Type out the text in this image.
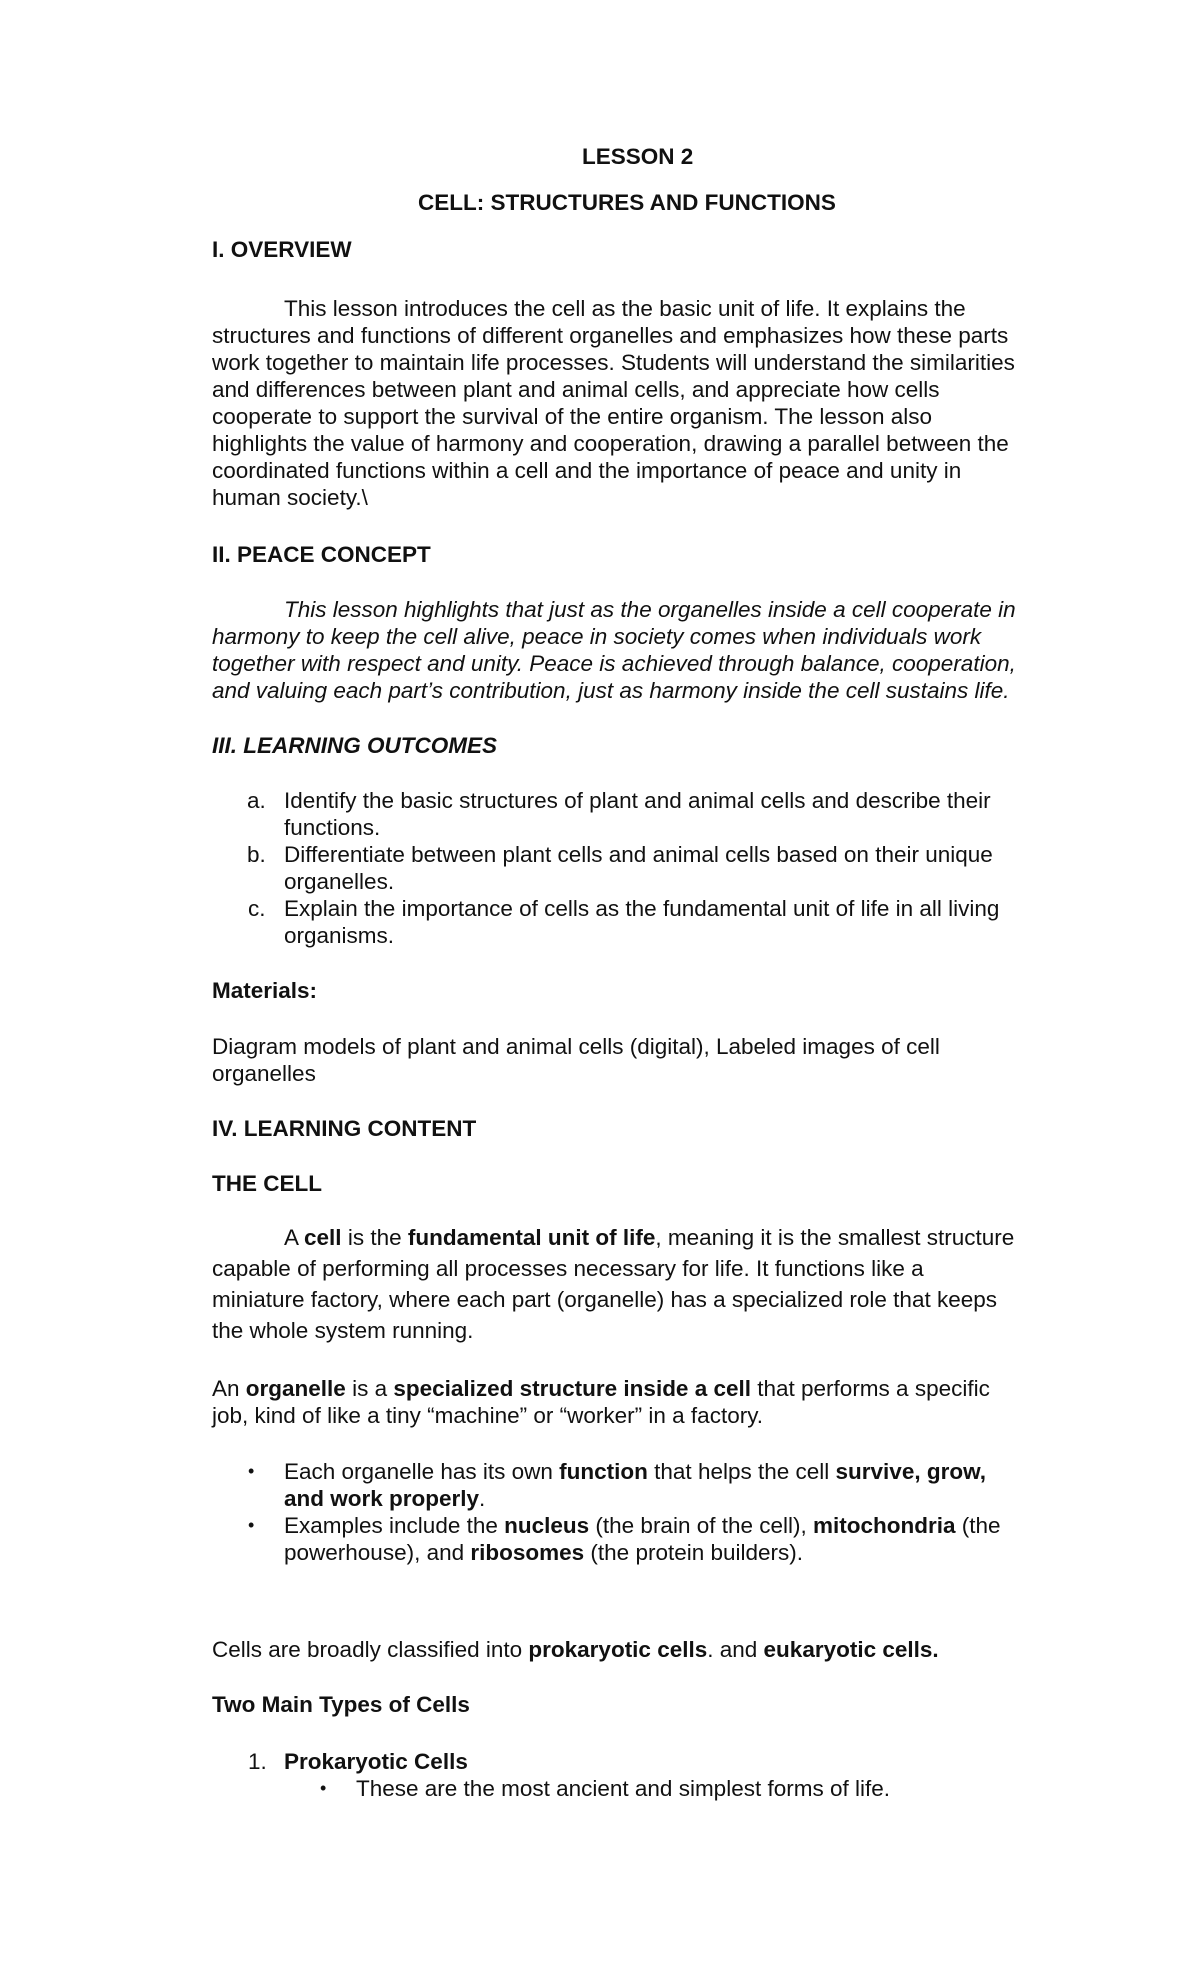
LESSON 2
CELL: STRUCTURES AND FUNCTIONS
I. OVERVIEW

This lesson introduces the cell as the basic unit of life. It explains the

structures and functions of different organelles and emphasizes how these parts

work together to maintain life processes. Students will understand the similarities

and differences between plant and animal cells, and appreciate how cells

cooperate to support the survival of the entire organism. The lesson also

highlights the value of harmony and cooperation, drawing a parallel between the

coordinated functions within a cell and the importance of peace and unity in

human society.\

II. PEACE CONCEPT

This lesson highlights that just as the organelles inside a cell cooperate in

harmony to keep the cell alive, peace in society comes when individuals work

together with respect and unity. Peace is achieved through balance, cooperation,

and valuing each part’s contribution, just as harmony inside the cell sustains life.

III. LEARNING OUTCOMES
a. Identify the basic structures of plant and animal cells and describe their
functions.
b. Differentiate between plant cells and animal cells based on their unique
organelles.
c. Explain the importance of cells as the fundamental unit of life in all living
organisms.
Materials:
Diagram models of plant and animal cells (digital), Labeled images of cell
organelles
IV. LEARNING CONTENT
THE CELL
A cell is the fundamental unit of life, meaning it is the smallest structure
capable of performing all processes necessary for life. It functions like a
miniature factory, where each part (organelle) has a specialized role that keeps
the whole system running.
An organelle is a specialized structure inside a cell that performs a specific
job, kind of like a tiny “machine” or “worker” in a factory.
• Each organelle has its own function that helps the cell survive, grow,
and work properly.
• Examples include the nucleus (the brain of the cell), mitochondria (the
powerhouse), and ribosomes (the protein builders).
Cells are broadly classified into prokaryotic cells. and eukaryotic cells.
Two Main Types of Cells
1. Prokaryotic Cells
• These are the most ancient and simplest forms of life.
